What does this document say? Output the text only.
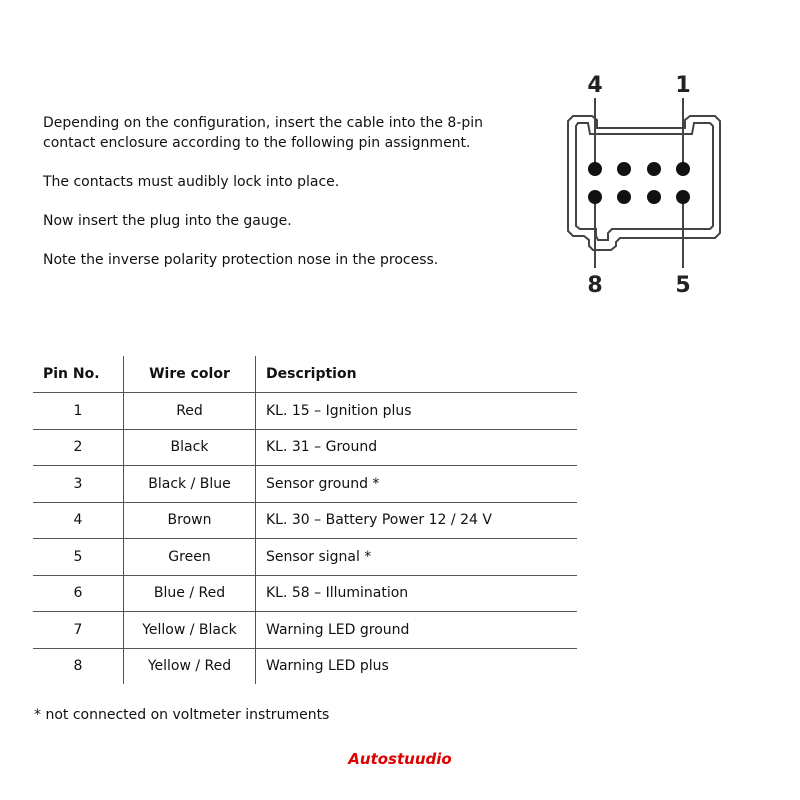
Depending on the configuration, insert the cable into the 8-pin contact enclosure according to the following pin assignment.

The contacts must audibly lock into place.

Now insert the plug into the gauge.

Note the inverse polarity protection nose in the process.

4	1
8	5
Pin No.	Wire color	Description
1	Red	KL. 15 – Ignition plus
2	Black	KL. 31 – Ground
3	Black / Blue	Sensor ground *
4	Brown	KL. 30 – Battery Power 12 / 24 V
5	Green	Sensor signal *
6	Blue / Red	KL. 58 – Illumination
7	Yellow / Black	Warning LED ground
8	Yellow / Red	Warning LED plus
* not connected on voltmeter instruments
Autostuudio
